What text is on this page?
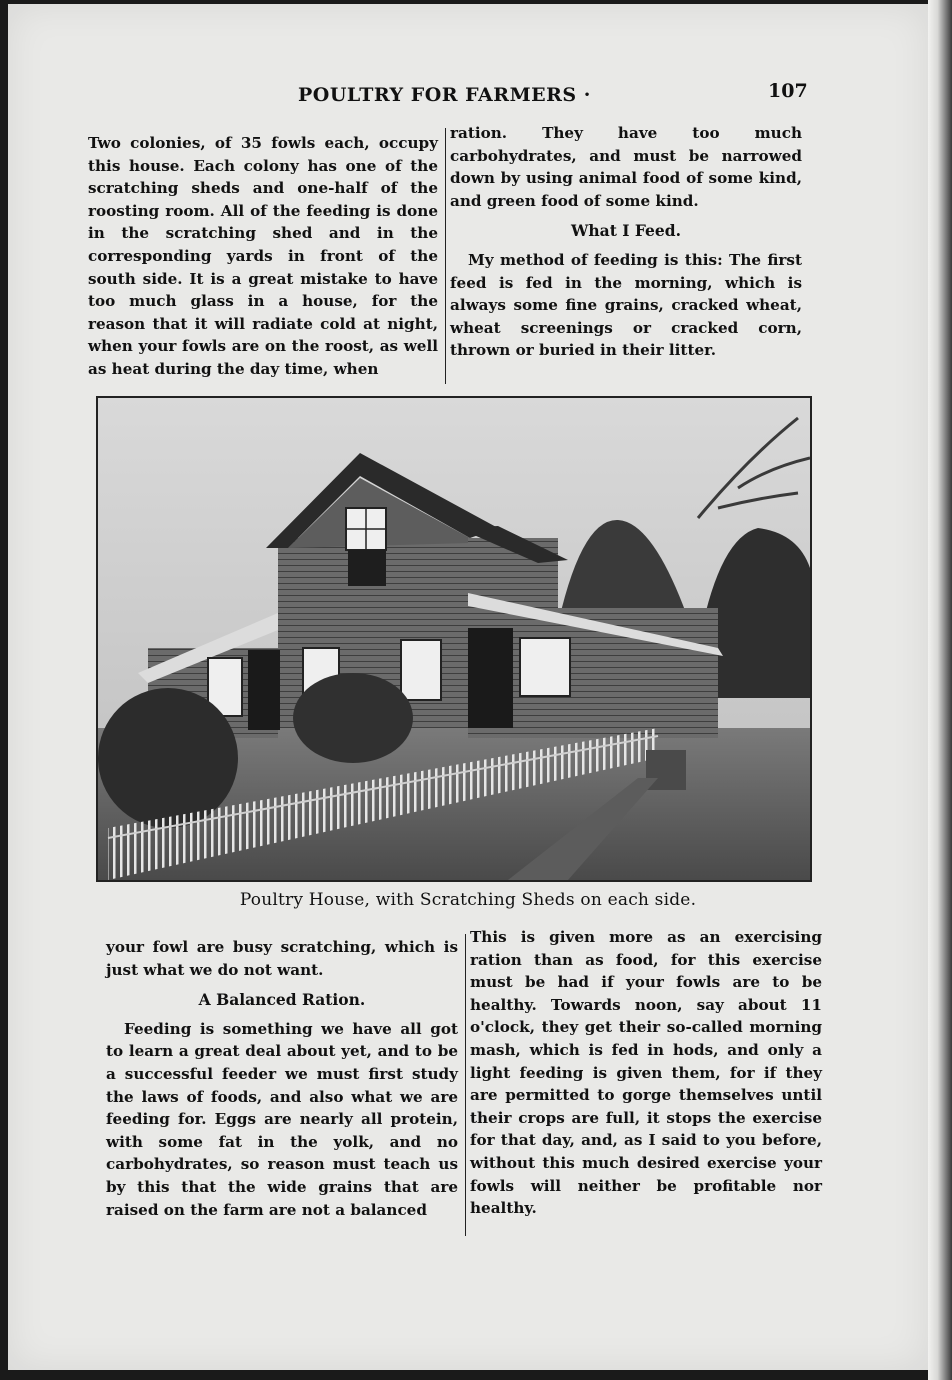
POULTRY FOR FARMERS ·	107

Two colonies, of 35 fowls each, occupy this house. Each colony has one of the scratching sheds and one-half of the roosting room. All of the feeding is done in the scratching shed and in the corresponding yards in front of the south side. It is a great mistake to have too much glass in a house, for the reason that it will radiate cold at night, when your fowls are on the roost, as well as heat during the day time, when

ration. They have too much carbohydrates, and must be narrowed down by using animal food of some kind, and green food of some kind.

What I Feed.

My method of feeding is this: The first feed is fed in the morning, which is always some fine grains, cracked wheat, wheat screenings or cracked corn, thrown or buried in their litter.

Poultry House, with Scratching Sheds on each side.

your fowl are busy scratching, which is just what we do not want.

A Balanced Ration.

Feeding is something we have all got to learn a great deal about yet, and to be a successful feeder we must first study the laws of foods, and also what we are feeding for. Eggs are nearly all protein, with some fat in the yolk, and no carbohydrates, so reason must teach us by this that the wide grains that are raised on the farm are not a balanced

This is given more as an exercising ration than as food, for this exercise must be had if your fowls are to be healthy. Towards noon, say about 11 o'clock, they get their so-called morning mash, which is fed in hods, and only a light feeding is given them, for if they are permitted to gorge themselves until their crops are full, it stops the exercise for that day, and, as I said to you before, without this much desired exercise your fowls will neither be profitable nor healthy.
